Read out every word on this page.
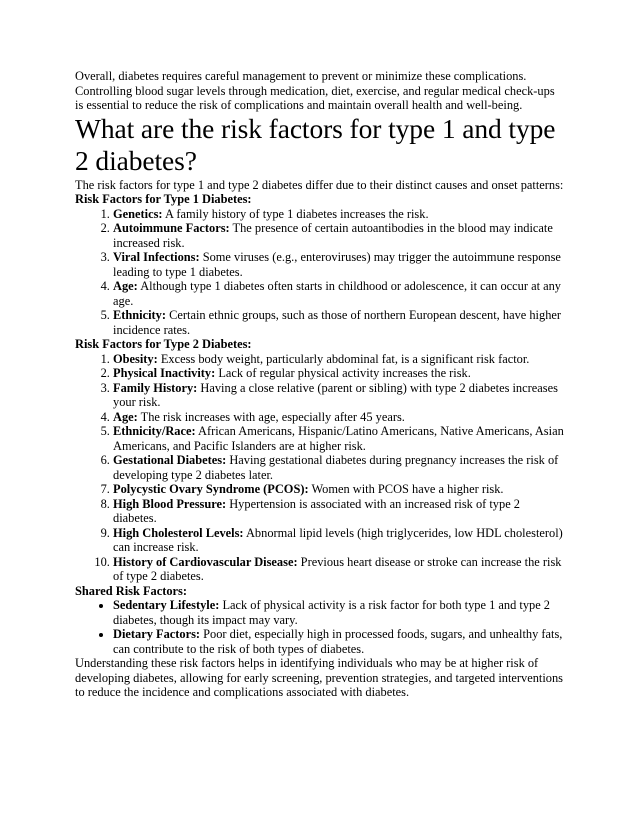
Overall, diabetes requires careful management to prevent or minimize these complications. Controlling blood sugar levels through medication, diet, exercise, and regular medical check-ups is essential to reduce the risk of complications and maintain overall health and well-being.

What are the risk factors for type 1 and type 2 diabetes?

The risk factors for type 1 and type 2 diabetes differ due to their distinct causes and onset patterns:

Risk Factors for Type 1 Diabetes:

1. Genetics: A family history of type 1 diabetes increases the risk.
2. Autoimmune Factors: The presence of certain autoantibodies in the blood may indicate increased risk.
3. Viral Infections: Some viruses (e.g., enteroviruses) may trigger the autoimmune response leading to type 1 diabetes.
4. Age: Although type 1 diabetes often starts in childhood or adolescence, it can occur at any age.
5. Ethnicity: Certain ethnic groups, such as those of northern European descent, have higher incidence rates.

Risk Factors for Type 2 Diabetes:

1. Obesity: Excess body weight, particularly abdominal fat, is a significant risk factor.
2. Physical Inactivity: Lack of regular physical activity increases the risk.
3. Family History: Having a close relative (parent or sibling) with type 2 diabetes increases your risk.
4. Age: The risk increases with age, especially after 45 years.
5. Ethnicity/Race: African Americans, Hispanic/Latino Americans, Native Americans, Asian Americans, and Pacific Islanders are at higher risk.
6. Gestational Diabetes: Having gestational diabetes during pregnancy increases the risk of developing type 2 diabetes later.
7. Polycystic Ovary Syndrome (PCOS): Women with PCOS have a higher risk.
8. High Blood Pressure: Hypertension is associated with an increased risk of type 2 diabetes.
9. High Cholesterol Levels: Abnormal lipid levels (high triglycerides, low HDL cholesterol) can increase risk.
10. History of Cardiovascular Disease: Previous heart disease or stroke can increase the risk of type 2 diabetes.

Shared Risk Factors:

• Sedentary Lifestyle: Lack of physical activity is a risk factor for both type 1 and type 2 diabetes, though its impact may vary.
• Dietary Factors: Poor diet, especially high in processed foods, sugars, and unhealthy fats, can contribute to the risk of both types of diabetes.

Understanding these risk factors helps in identifying individuals who may be at higher risk of developing diabetes, allowing for early screening, prevention strategies, and targeted interventions to reduce the incidence and complications associated with diabetes.
